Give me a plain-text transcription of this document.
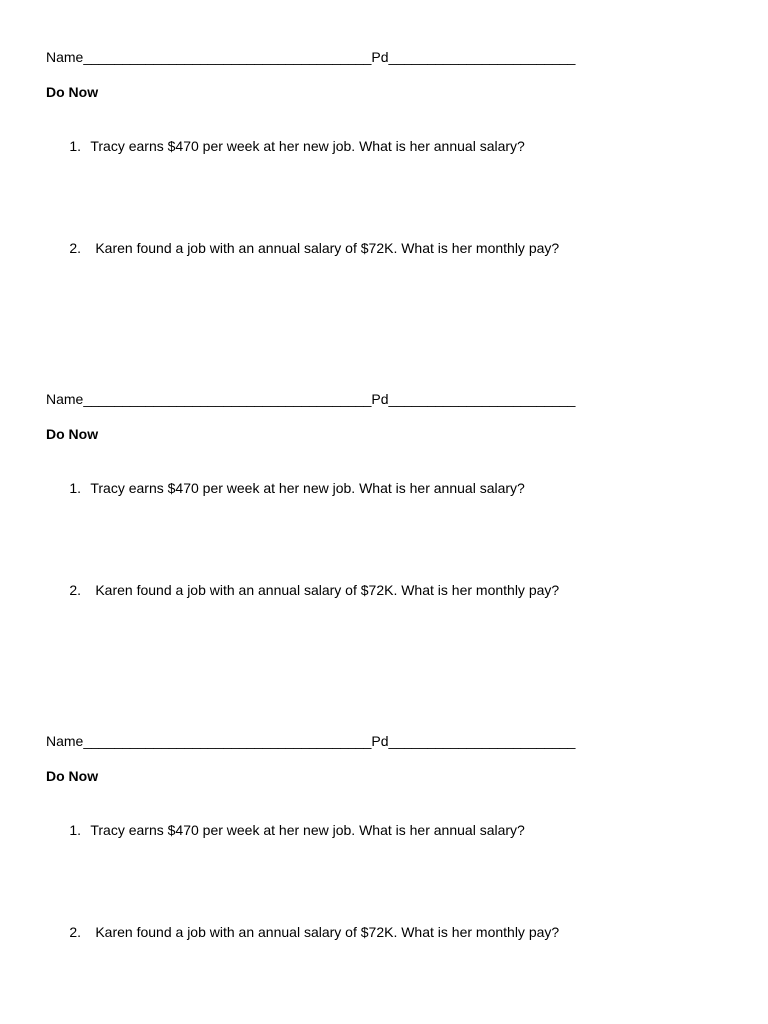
Name_____________________________________Pd________________________
Do Now

1. Tracy earns $470 per week at her new job. What is her annual salary?

2. Karen found a job with an annual salary of $72K. What is her monthly pay?

Name_____________________________________Pd________________________
Do Now

1. Tracy earns $470 per week at her new job. What is her annual salary?

2. Karen found a job with an annual salary of $72K. What is her monthly pay?

Name_____________________________________Pd________________________
Do Now

1. Tracy earns $470 per week at her new job. What is her annual salary?

2. Karen found a job with an annual salary of $72K. What is her monthly pay?
